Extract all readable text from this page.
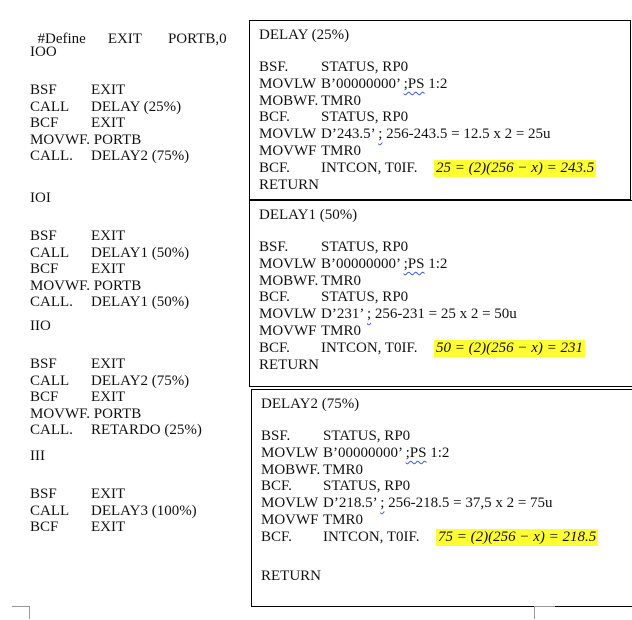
#Define EXIT PORTB,0

IOO
BSF EXIT
CALL DELAY (25%)
BCF EXIT
MOVWF. PORTB
CALL. DELAY2 (75%)
IOI
BSF EXIT
CALL DELAY1 (50%)
BCF EXIT
MOVWF. PORTB
CALL. DELAY1 (50%)
IIO
BSF EXIT
CALL DELAY2 (75%)
BCF EXIT
MOVWF. PORTB
CALL. RETARDO (25%)
III
BSF EXIT
CALL DELAY3 (100%)
BCF EXIT
DELAY (25%)
BSF. STATUS, RP0
MOVLW B’00000000’ ;PS 1:2
MOBWF. TMR0
BCF. STATUS, RP0
MOVLW D’243.5’ ; 256-243.5 = 12.5 x 2 = 25u
MOVWF TMR0
BCF. INTCON, T0IF. 25 = (2)(256 − x) = 243.5
RETURN
DELAY1 (50%)
BSF. STATUS, RP0
MOVLW B’00000000’ ;PS 1:2
MOBWF. TMR0
BCF. STATUS, RP0
MOVLW D’231’ ; 256-231 = 25 x 2 = 50u
MOVWF TMR0
BCF. INTCON, T0IF. 50 = (2)(256 − x) = 231
RETURN
DELAY2 (75%)
BSF. STATUS, RP0
MOVLW B’00000000’ ;PS 1:2
MOBWF. TMR0
BCF. STATUS, RP0
MOVLW D’218.5’ ; 256-218.5 = 37,5 x 2 = 75u
MOVWF TMR0
BCF. INTCON, T0IF. 75 = (2)(256 − x) = 218.5
RETURN
